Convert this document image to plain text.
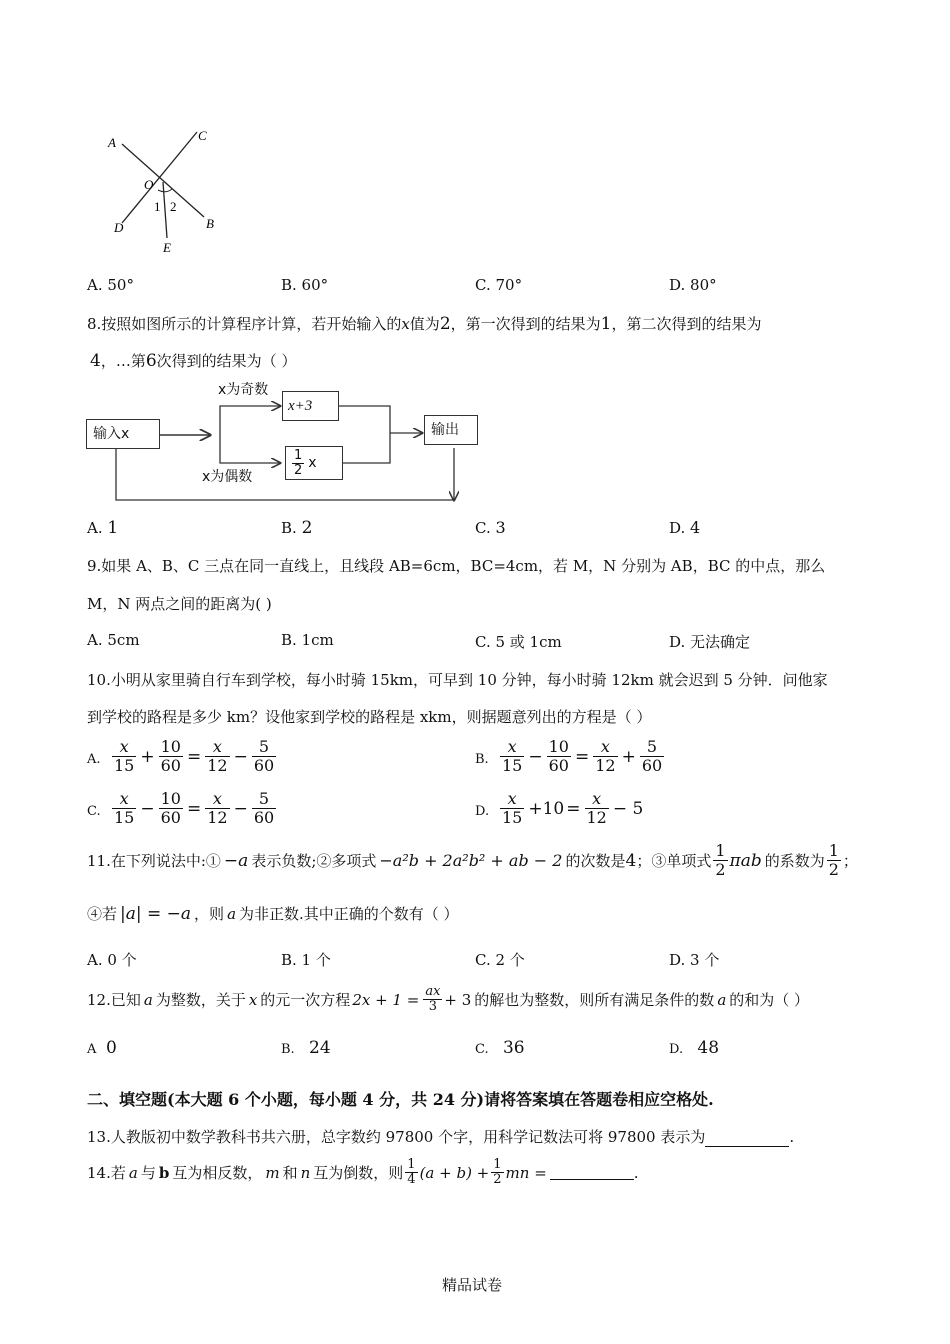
A	C
O
1 2
D	B
E
A. 50°	B. 60°	C. 70°	D. 80°
8.按照如图所示的计算程序计算，若开始输入的x值为2，第一次得到的结果为1，第二次得到的结果为
4，…第6次得到的结果为（ ）
输入x
x为奇数
x+3
x为偶数	$\frac{1}{2}$ x
输出
A. 1	B. 2	C. 3	D. 4
9.如果 A、B、C 三点在同一直线上，且线段 AB=6cm，BC=4cm，若 M，N 分别为 AB，BC 的中点，那么
M，N 两点之间的距离为( )
A. 5cm	B. 1cm	C. 5 或 1cm	D. 无法确定
10.小明从家里骑自行车到学校，每小时骑 15km，可早到 10 分钟，每小时骑 12km 就会迟到 5 分钟．问他家
到学校的路程是多少 km？设他家到学校的路程是 xkm，则据题意列出的方程是（ ）
A. $\frac{x}{15} + \frac{10}{60} = \frac{x}{12} - \frac{5}{60}$	B. $\frac{x}{15} - \frac{10}{60} = \frac{x}{12} + \frac{5}{60}$
C. $\frac{x}{15} - \frac{10}{60} = \frac{x}{12} - \frac{5}{60}$	D. $\frac{x}{15} +10 = \frac{x}{12} - 5$
11.在下列说法中:① −a 表示负数;②多项式 −a²b + 2a²b² + ab − 2 的次数是 4 ；③单项式 $\frac{1}{2}$ πab 的系数为 $\frac{1}{2}$ ；
④若 |a| = −a ，则 a 为非正数.其中正确的个数有（ ）
A. 0 个	B. 1 个	C. 2 个	D. 3 个
12.已知 a 为整数，关于 x 的元一次方程 $2x + 1 = \frac{ax}{3} + 3$ 的解也为整数，则所有满足条件的数 a 的和为（ ）
A 0	B. 24	C. 36	D. 48
二、填空题(本大题 6 个小题，每小题 4 分，共 24 分)请将答案填在答题卷相应空格处.
13.人教版初中数学教科书共六册，总字数约 97800 个字，用科学记数法可将 97800 表示为	.
14.若 a 与 b 互为相反数， m 和 n 互为倒数，则 $\frac{1}{4} (a + b) + \frac{1}{2}$ mn =	.
精品试卷
